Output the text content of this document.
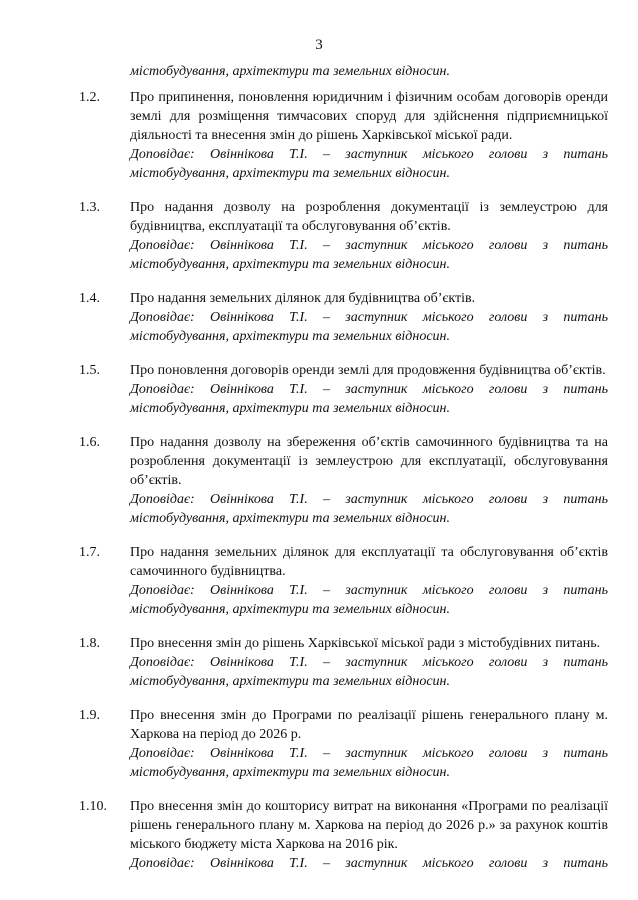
3
містобудування, архітектури та земельних відносин.
1.2. Про припинення, поновлення юридичним і фізичним особам договорів оренди землі для розміщення тимчасових споруд для здійснення підприємницької діяльності та внесення змін до рішень Харківської міської ради.

Доповідає: Овіннікова Т.І. – заступник міського голови з питань

містобудування, архітектури та земельних відносин.

1.3. Про надання дозволу на розроблення документації із землеустрою для будівництва, експлуатації та обслуговування об’єктів.

Доповідає: Овіннікова Т.І. – заступник міського голови з питань

містобудування, архітектури та земельних відносин.

1.4. Про надання земельних ділянок для будівництва об’єктів.

Доповідає: Овіннікова Т.І. – заступник міського голови з питань

містобудування, архітектури та земельних відносин.

1.5. Про поновлення договорів оренди землі для продовження будівництва об’єктів.

Доповідає: Овіннікова Т.І. – заступник міського голови з питань

містобудування, архітектури та земельних відносин.

1.6. Про надання дозволу на збереження об’єктів самочинного будівництва та на розроблення документації із землеустрою для експлуатації, обслуговування об’єктів.

Доповідає: Овіннікова Т.І. – заступник міського голови з питань

містобудування, архітектури та земельних відносин.

1.7. Про надання земельних ділянок для експлуатації та обслуговування об’єктів самочинного будівництва.

Доповідає: Овіннікова Т.І. – заступник міського голови з питань

містобудування, архітектури та земельних відносин.

1.8. Про внесення змін до рішень Харківської міської ради з містобудівних питань.

Доповідає: Овіннікова Т.І. – заступник міського голови з питань

містобудування, архітектури та земельних відносин.

1.9. Про внесення змін до Програми по реалізації рішень генерального плану м. Харкова на період до 2026 р.

Доповідає: Овіннікова Т.І. – заступник міського голови з питань

містобудування, архітектури та земельних відносин.

1.10. Про внесення змін до кошторису витрат на виконання «Програми по реалізації рішень генерального плану м. Харкова на період до 2026 р.» за рахунок коштів міського бюджету міста Харкова на 2016 рік.

Доповідає: Овіннікова Т.І. – заступник міського голови з питань
